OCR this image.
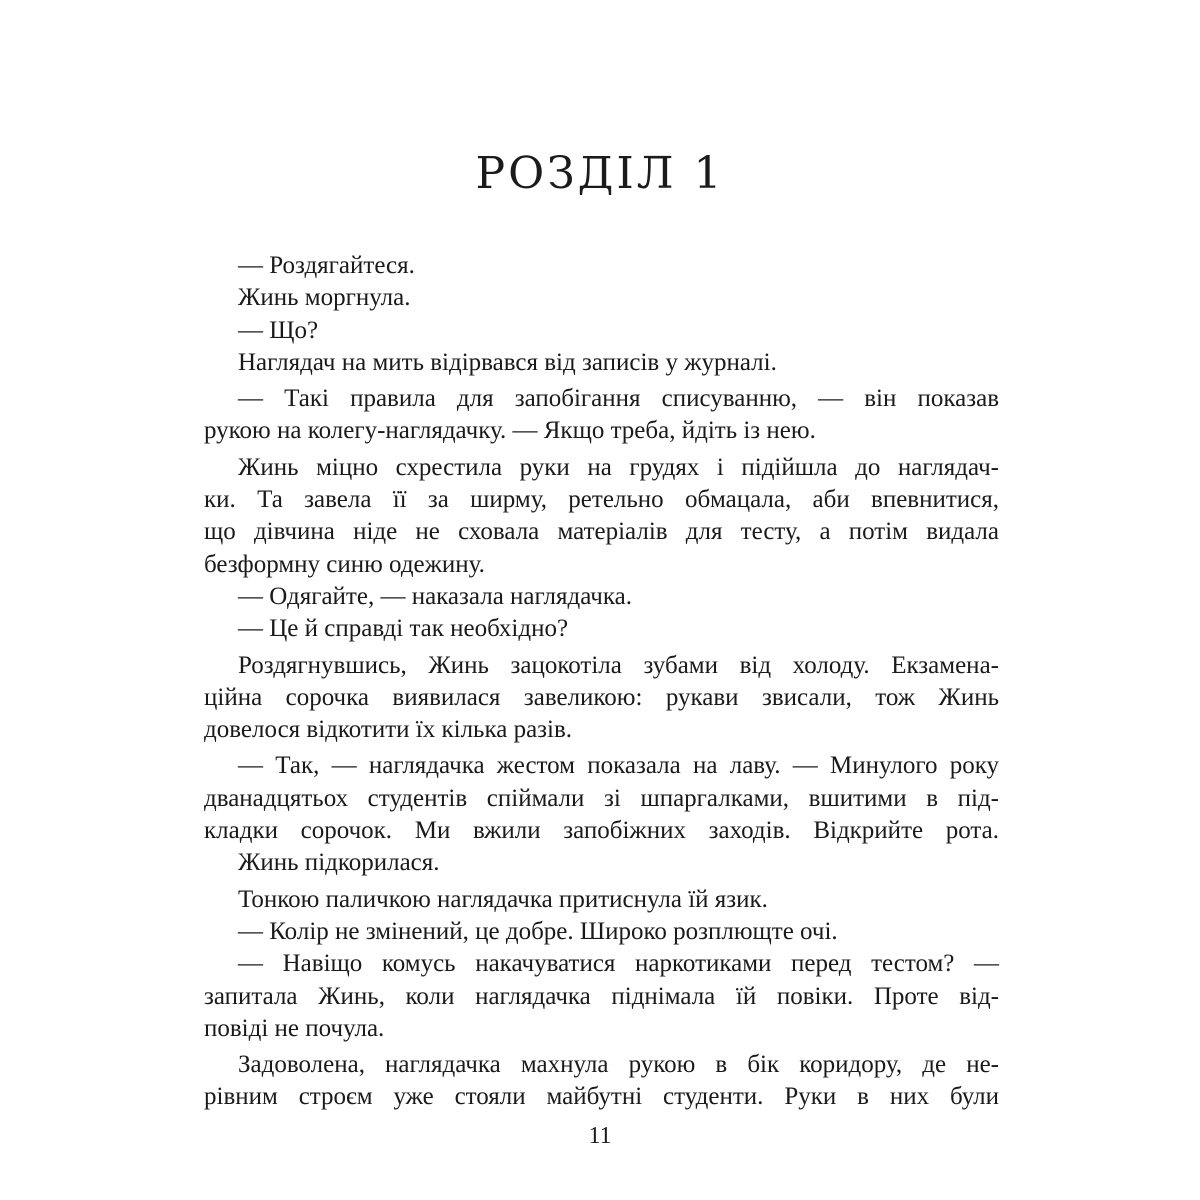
РОЗДІЛ 1
— Роздягайтеся.
Жинь моргнула.
— Що?
Наглядач на мить відірвався від записів у журналі.
— Такі правила для запобігання списуванню, — він показав
рукою на колегу-наглядачку. — Якщо треба, йдіть із нею.
Жинь міцно схрестила руки на грудях і підійшла до наглядач-
ки. Та завела її за ширму, ретельно обмацала, аби впевнитися,
що дівчина ніде не сховала матеріалів для тесту, а потім видала
безформну синю одежину.
— Одягайте, — наказала наглядачка.
— Це й справді так необхідно?
Роздягнувшись, Жинь зацокотіла зубами від холоду. Екзамена-
ційна сорочка виявилася завеликою: рукави звисали, тож Жинь
довелося відкотити їх кілька разів.
— Так, — наглядачка жестом показала на лаву. — Минулого року
дванадцятьох студентів спіймали зі шпаргалками, вшитими в під-
кладки сорочок. Ми вжили запобіжних заходів. Відкрийте рота.
Жинь підкорилася.
Тонкою паличкою наглядачка притиснула їй язик.
— Колір не змінений, це добре. Широко розплющте очі.
— Навіщо комусь накачуватися наркотиками перед тестом? —
запитала Жинь, коли наглядачка піднімала їй повіки. Проте від-
повіді не почула.
Задоволена, наглядачка махнула рукою в бік коридору, де не-
рівним строєм уже стояли майбутні студенти. Руки в них були
11
